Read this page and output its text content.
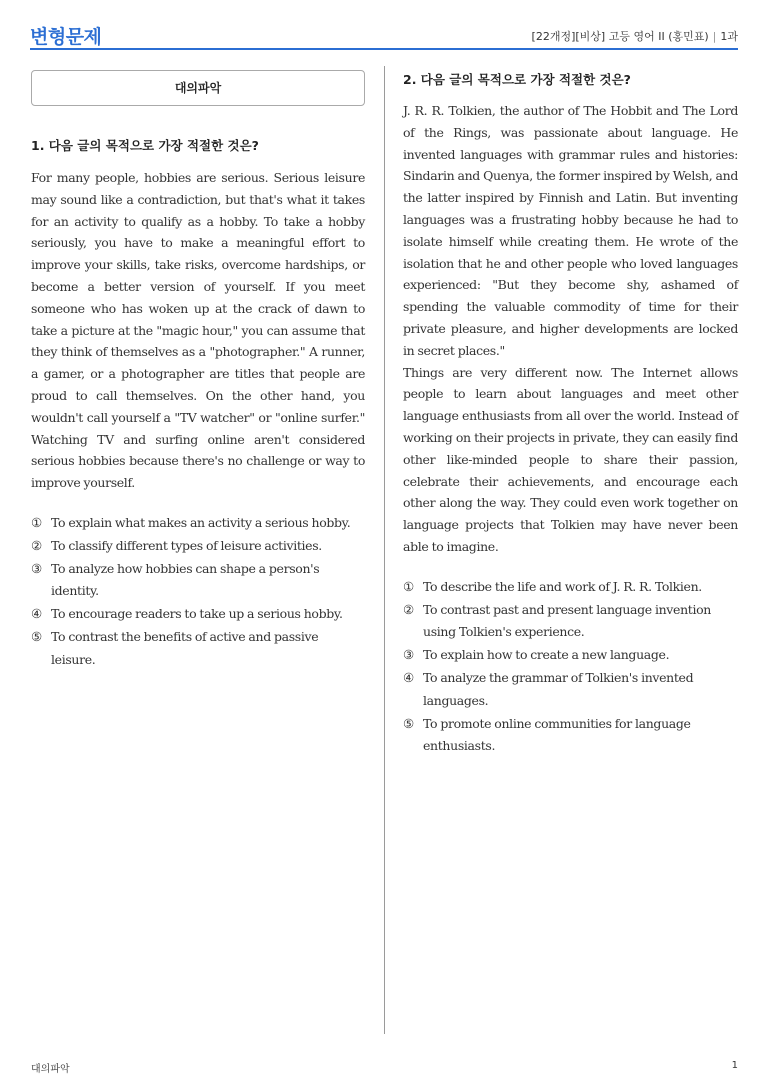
변형문제	[22개정][비상] 고등 영어 II (홍민표) | 1과
대의파악
1. 다음 글의 목적으로 가장 적절한 것은?

For many people, hobbies are serious. Serious leisure may sound like a contradiction, but that's what it takes for an activity to qualify as a hobby. To take a hobby seriously, you have to make a meaningful effort to improve your skills, take risks, overcome hardships, or become a better version of yourself. If you meet someone who has woken up at the crack of dawn to take a picture at the "magic hour," you can assume that they think of themselves as a "photographer." A runner, a gamer, or a photographer are titles that people are proud to call themselves. On the other hand, you wouldn't call yourself a "TV watcher" or "online surfer." Watching TV and surfing online aren't considered serious hobbies because there's no challenge or way to improve yourself.

① To explain what makes an activity a serious hobby.
② To classify different types of leisure activities.
③ To analyze how hobbies can shape a person's identity.
④ To encourage readers to take up a serious hobby.
⑤ To contrast the benefits of active and passive leisure.
2. 다음 글의 목적으로 가장 적절한 것은?

J. R. R. Tolkien, the author of The Hobbit and The Lord of the Rings, was passionate about language. He invented languages with grammar rules and histories: Sindarin and Quenya, the former inspired by Welsh, and the latter inspired by Finnish and Latin. But inventing languages was a frustrating hobby because he had to isolate himself while creating them. He wrote of the isolation that he and other people who loved languages experienced: "But they become shy, ashamed of spending the valuable commodity of time for their private pleasure, and higher developments are locked in secret places."

Things are very different now. The Internet allows people to learn about languages and meet other language enthusiasts from all over the world. Instead of working on their projects in private, they can easily find other like-minded people to share their passion, celebrate their achievements, and encourage each other along the way. They could even work together on language projects that Tolkien may have never been able to imagine.

① To describe the life and work of J. R. R. Tolkien.
② To contrast past and present language invention using Tolkien's experience.
③ To explain how to create a new language.
④ To analyze the grammar of Tolkien's invented languages.
⑤ To promote online communities for language enthusiasts.
대의파악	1
